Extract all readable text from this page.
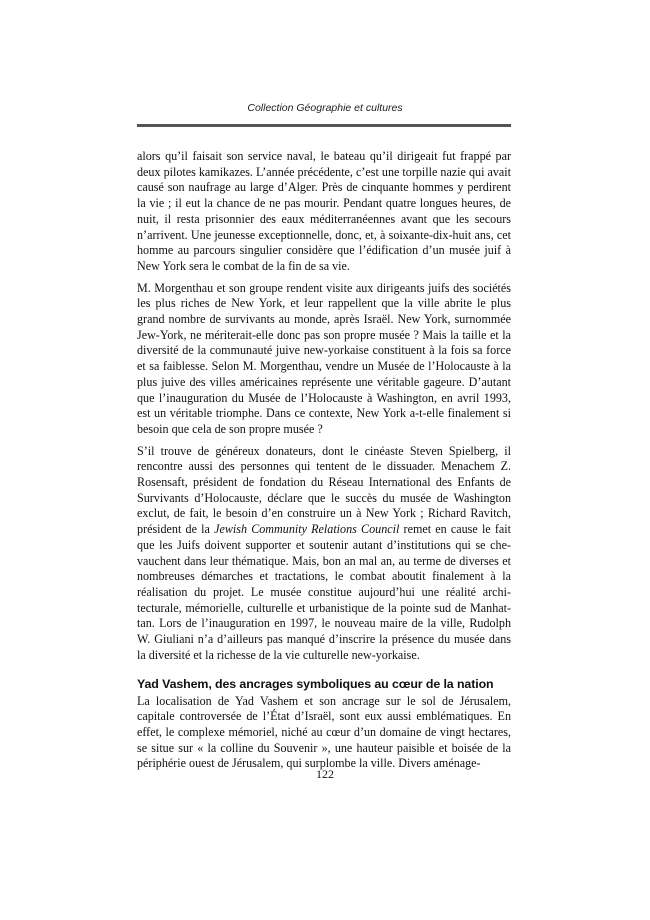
Collection Géographie et cultures

alors qu’il faisait son service naval, le bateau qu’il dirigeait fut frappé par deux pilotes kamikazes. L’année précédente, c’est une torpille nazie qui avait causé son naufrage au large d’Alger. Près de cinquante hommes y perdirent la vie ; il eut la chance de ne pas mourir. Pendant quatre longues heures, de nuit, il resta prisonnier des eaux méditerranéennes avant que les secours n’arrivent. Une jeunesse exceptionnelle, donc, et, à soixante-dix-huit ans, cet homme au parcours singulier considère que l’édification d’un musée juif à New York sera le combat de la fin de sa vie.

M. Morgenthau et son groupe rendent visite aux dirigeants juifs des sociétés les plus riches de New York, et leur rappellent que la ville abrite le plus grand nombre de survivants au monde, après Israël. New York, surnommée Jew-York, ne mériterait-elle donc pas son propre musée ? Mais la taille et la diversité de la communauté juive new-yorkaise constituent à la fois sa force et sa faiblesse. Selon M. Morgenthau, vendre un Musée de l’Holocauste à la plus juive des villes américaines représente une véritable gageure. D’autant que l’inauguration du Musée de l’Holocauste à Washington, en avril 1993, est un véritable triomphe. Dans ce contexte, New York a-t-elle finalement si besoin que cela de son propre musée ?

S’il trouve de généreux donateurs, dont le cinéaste Steven Spielberg, il rencontre aussi des personnes qui tentent de le dissuader. Menachem Z. Rosensaft, président de fondation du Réseau International des Enfants de Survivants d’Holocauste, déclare que le succès du musée de Washington exclut, de fait, le besoin d’en construire un à New York ; Richard Ravitch, président de la Jewish Community Relations Council remet en cause le fait que les Juifs doivent supporter et soutenir autant d’institutions qui se chevauchent dans leur thématique. Mais, bon an mal an, au terme de diverses et nombreuses démarches et tractations, le combat aboutit finalement à la réalisation du projet. Le musée constitue aujourd’hui une réalité architecturale, mémorielle, culturelle et urbanistique de la pointe sud de Manhattan. Lors de l’inauguration en 1997, le nouveau maire de la ville, Rudolph W. Giuliani n’a d’ailleurs pas manqué d’inscrire la présence du musée dans la diversité et la richesse de la vie culturelle new-yorkaise.

Yad Vashem, des ancrages symboliques au cœur de la nation

La localisation de Yad Vashem et son ancrage sur le sol de Jérusalem, capitale controversée de l’État d’Israël, sont eux aussi emblématiques. En effet, le complexe mémoriel, niché au cœur d’un domaine de vingt hectares, se situe sur « la colline du Souvenir », une hauteur paisible et boisée de la périphérie ouest de Jérusalem, qui surplombe la ville. Divers aménage-

122
